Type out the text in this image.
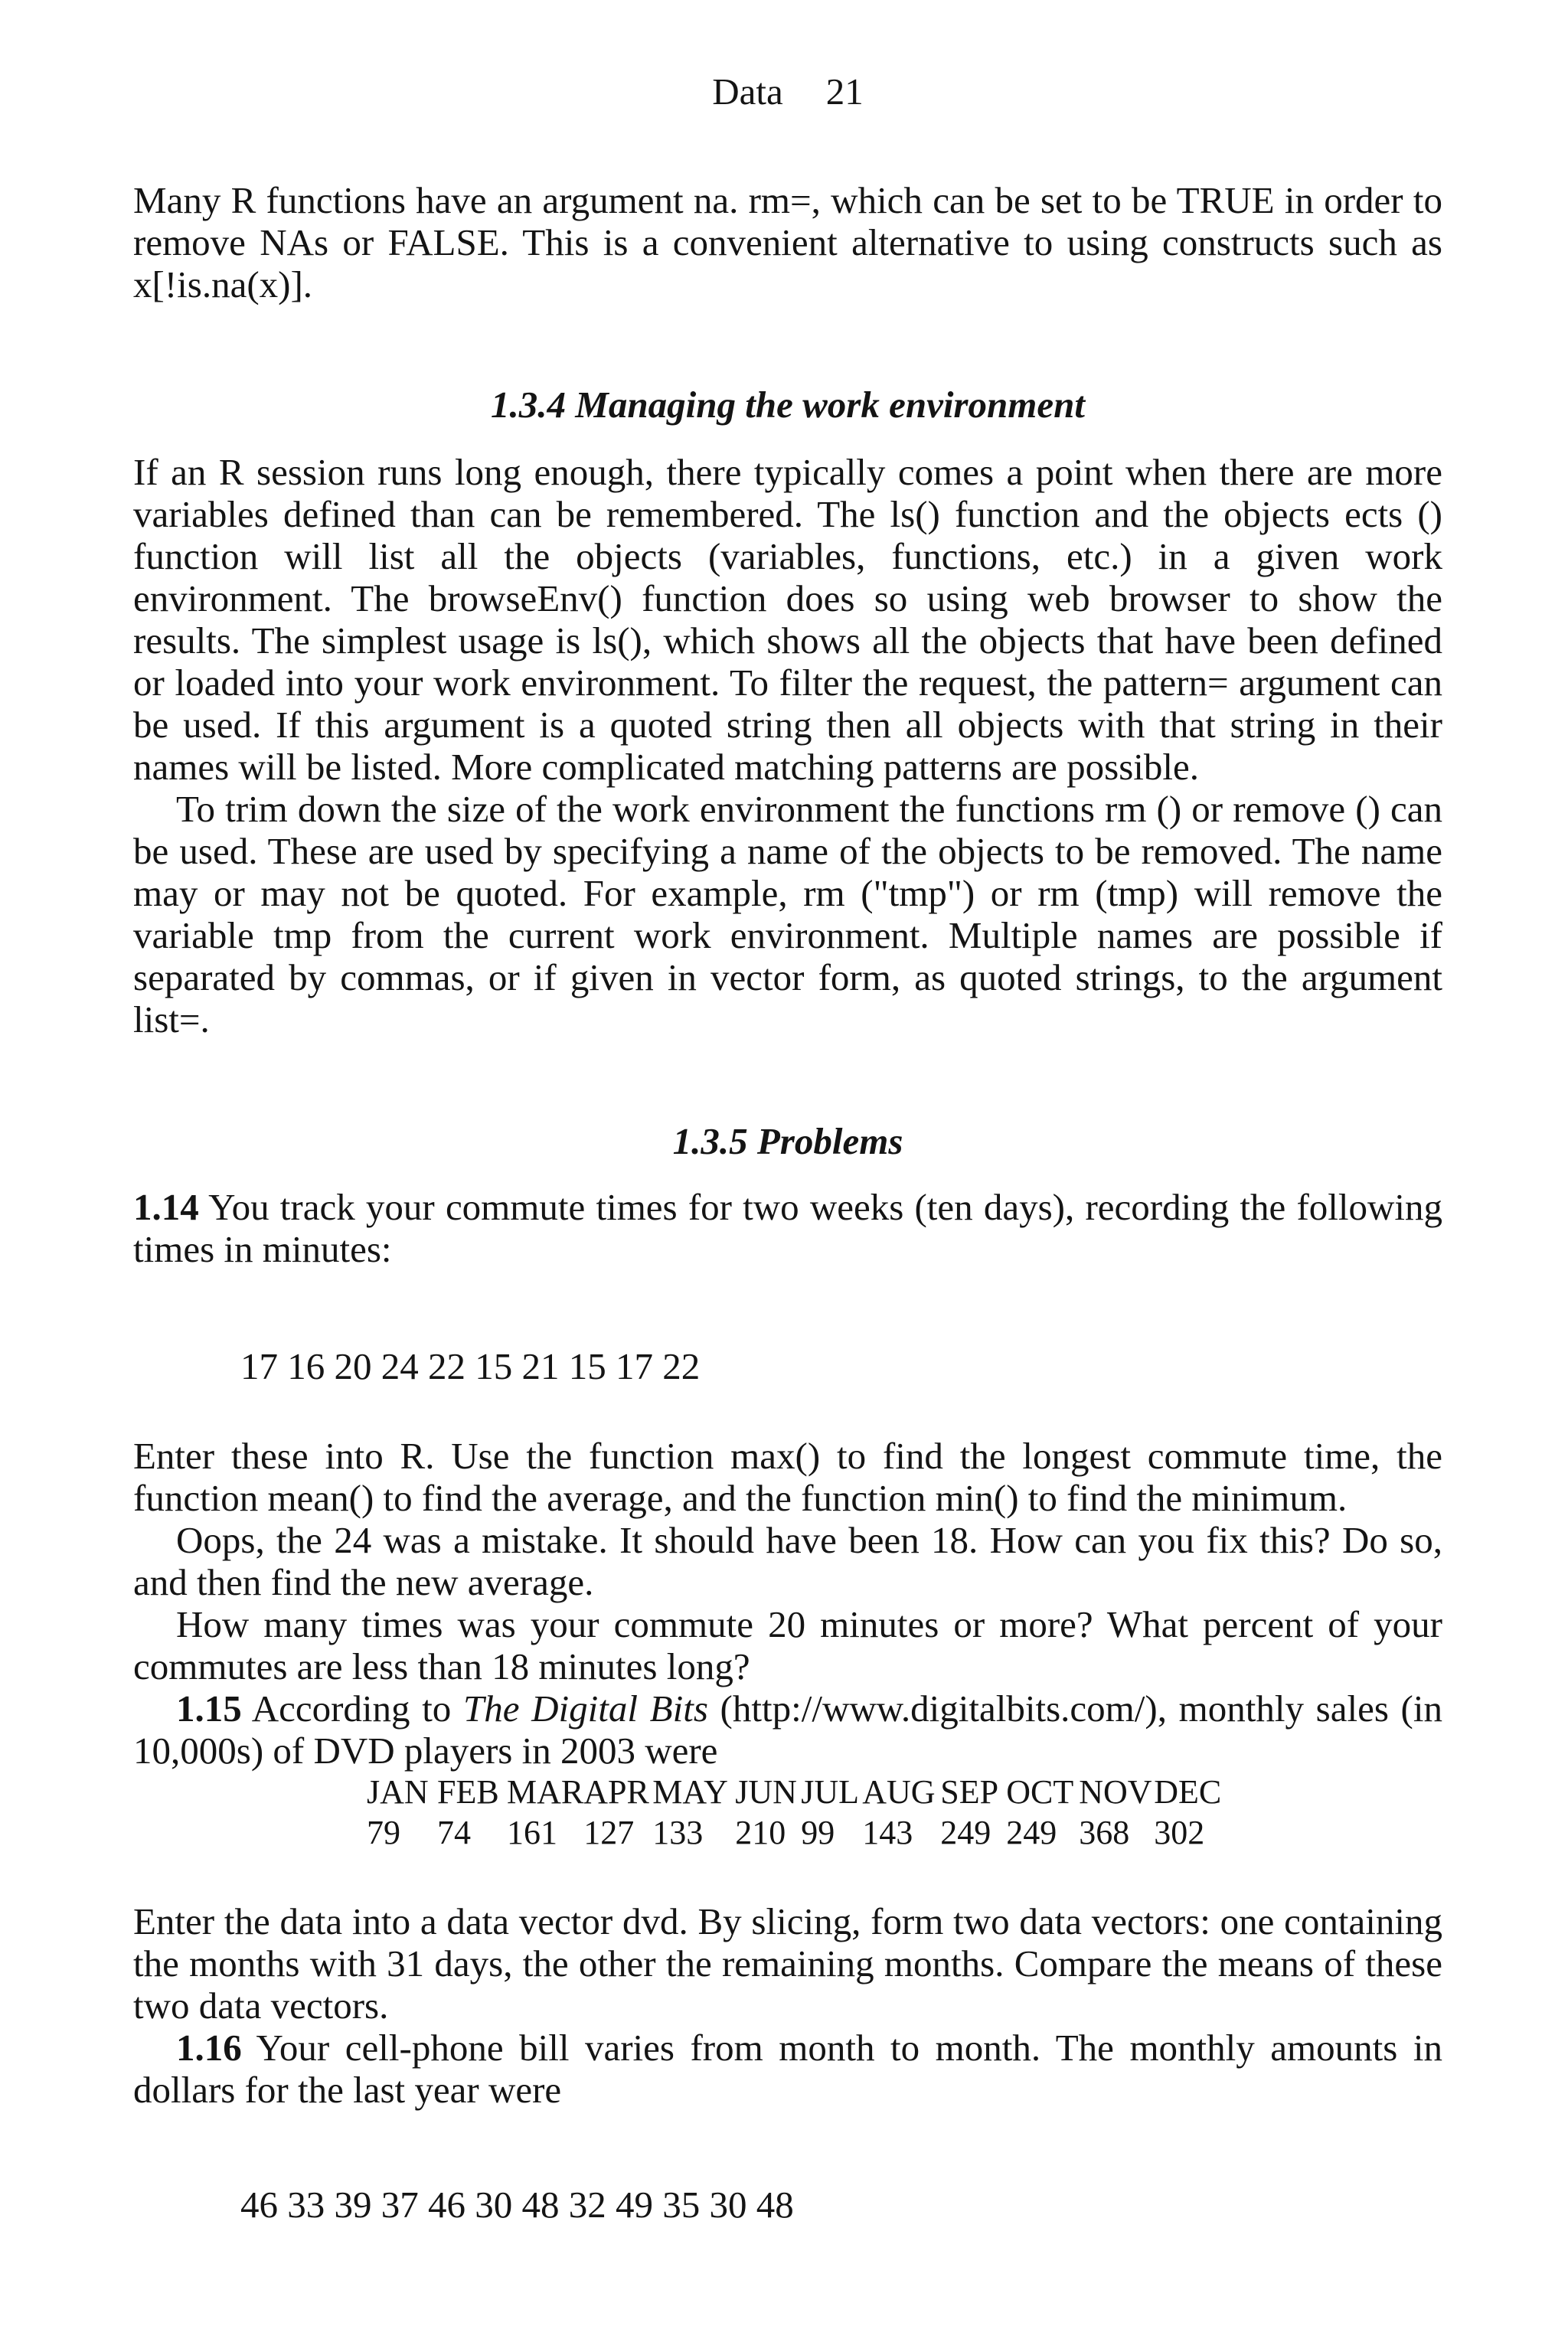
Data 21

Many R functions have an argument na. rm=, which can be set to be TRUE in order to remove NAs or FALSE. This is a convenient alternative to using constructs such as x[!is.na(x)].

1.3.4 Managing the work environment

If an R session runs long enough, there typically comes a point when there are more variables defined than can be remembered. The ls() function and the objects ects () function will list all the objects (variables, functions, etc.) in a given work environment. The browseEnv() function does so using web browser to show the results. The simplest usage is ls(), which shows all the objects that have been defined or loaded into your work environment. To filter the request, the pattern= argument can be used. If this argument is a quoted string then all objects with that string in their names will be listed. More complicated matching patterns are possible.

To trim down the size of the work environment the functions rm () or remove () can be used. These are used by specifying a name of the objects to be removed. The name may or may not be quoted. For example, rm ("tmp") or rm (tmp) will remove the variable tmp from the current work environment. Multiple names are possible if separated by commas, or if given in vector form, as quoted strings, to the argument list=.

1.3.5 Problems

1.14 You track your commute times for two weeks (ten days), recording the following times in minutes:

17 16 20 24 22 15 21 15 17 22

Enter these into R. Use the function max() to find the longest commute time, the function mean() to find the average, and the function min() to find the minimum.

Oops, the 24 was a mistake. It should have been 18. How can you fix this? Do so, and then find the new average.

How many times was your commute 20 minutes or more? What percent of your commutes are less than 18 minutes long?

1.15 According to The Digital Bits (http://www.digitalbits.com/), monthly sales (in 10,000s) of DVD players in 2003 were

JAN	FEB	MAR	APR	MAY	JUN	JUL	AUG	SEP	OCT	NOV	DEC
79	74	161	127	133	210	99	143	249	249	368	302

Enter the data into a data vector dvd. By slicing, form two data vectors: one containing the months with 31 days, the other the remaining months. Compare the means of these two data vectors.

1.16 Your cell-phone bill varies from month to month. The monthly amounts in dollars for the last year were

46 33 39 37 46 30 48 32 49 35 30 48
